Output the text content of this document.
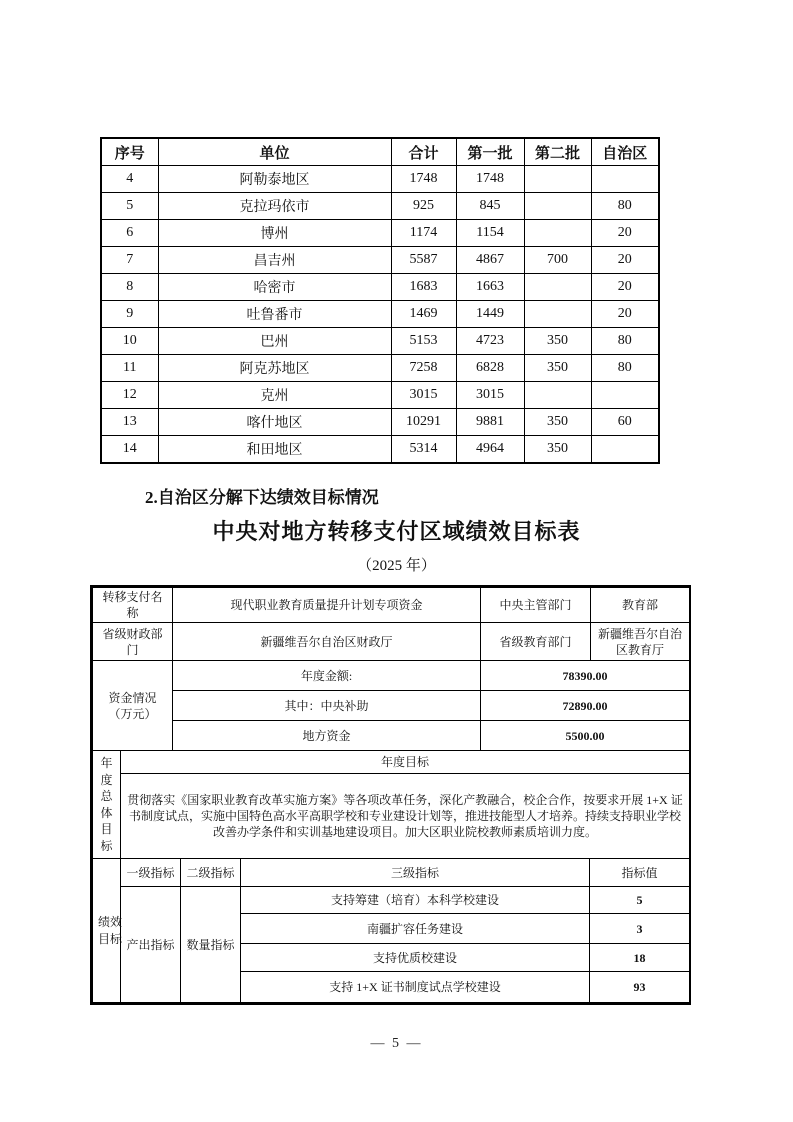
序号	单位	合计	第一批	第二批	自治区
4	阿勒泰地区	1748	1748		
5	克拉玛依市	925	845		80
6	博州	1174	1154		20
7	昌吉州	5587	4867	700	20
8	哈密市	1683	1663		20
9	吐鲁番市	1469	1449		20
10	巴州	5153	4723	350	80
11	阿克苏地区	7258	6828	350	80
12	克州	3015	3015		
13	喀什地区	10291	9881	350	60
14	和田地区	5314	4964	350	
2.自治区分解下达绩效目标情况
中央对地方转移支付区域绩效目标表
（2025 年）
转移支付名称	现代职业教育质量提升计划专项资金	中央主管部门	教育部
省级财政部门	新疆维吾尔自治区财政厅	省级教育部门	新疆维吾尔自治区教育厅
资金情况
（万元）	年度金额:	78390.00
	其中：中央补助	72890.00
	地方资金	5500.00
年度总体目标
	年度目标
贯彻落实《国家职业教育改革实施方案》等各项改革任务，深化产教融合，校企合作，按要求开展 1+X 证书制度试点，实施中国特色高水平高职学校和专业建设计划等，推进技能型人才培养。持续支持职业学校改善办学条件和实训基地建设项目。加大区职业院校教师素质培训力度。
绩效目标	一级指标	二级指标	三级指标	指标值
	产出指标	数量指标	支持筹建（培育）本科学校建设	5
			南疆扩容任务建设	3
			支持优质校建设	18
			支持 1+X 证书制度试点学校建设	93
— 5 —
